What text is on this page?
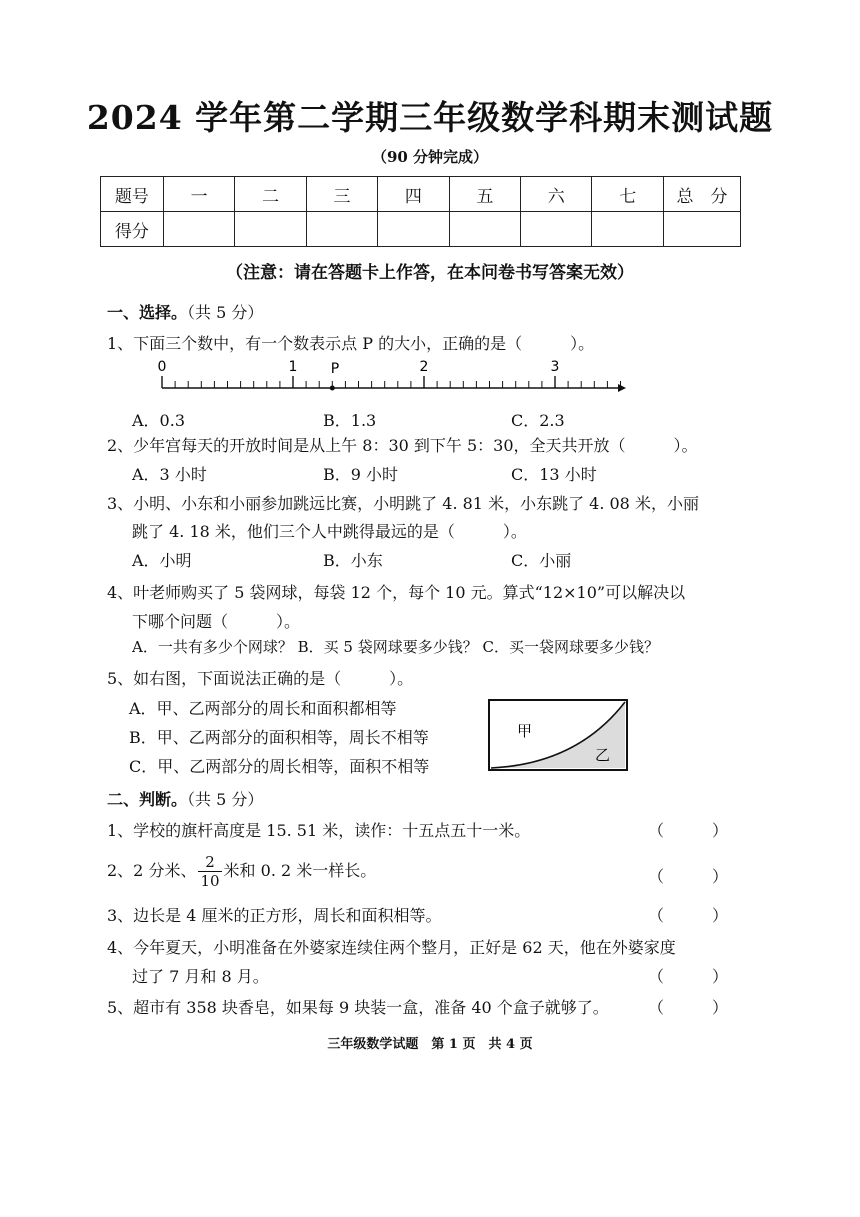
2024 学年第二学期三年级数学科期末测试题
（90 分钟完成）
题号	一	二	三	四	五	六	七	总　分
得分								
（注意：请在答题卡上作答，在本问卷书写答案无效）
一、选择。（共 5 分）
1、下面三个数中，有一个数表示点 P 的大小，正确的是（　　　）。
0	1 P	2	3
A．0.3	B．1.3	C．2.3
2、少年宫每天的开放时间是从上午 8：30 到下午 5：30，全天共开放（　　　）。
A．3 小时	B．9 小时	C．13 小时
3、小明、小东和小丽参加跳远比赛，小明跳了 4. 81 米，小东跳了 4. 08 米，小丽
跳了 4. 18 米，他们三个人中跳得最远的是（　　　）。
A．小明	B．小东	C．小丽
4、叶老师购买了 5 袋网球，每袋 12 个，每个 10 元。算式“12×10”可以解决以
下哪个问题（　　　）。
A．一共有多少个网球？ B．买 5 袋网球要多少钱？ C．买一袋网球要多少钱？
5、如右图，下面说法正确的是（　　　）。
A．甲、乙两部分的周长和面积都相等
B．甲、乙两部分的面积相等，周长不相等
C．甲、乙两部分的周长相等，面积不相等
甲
乙
二、判断。（共 5 分）
1、学校的旗杆高度是 15. 51 米，读作：十五点五十一米。	（　　　）
2、2 分米、 $\frac{2}{10}$ 米和 0. 2 米一样长。	（　　　）
3、边长是 4 厘米的正方形，周长和面积相等。	（　　　）
4、今年夏天，小明准备在外婆家连续住两个整月，正好是 62 天，他在外婆家度
过了 7 月和 8 月。	（　　　）
5、超市有 358 块香皂，如果每 9 块装一盒，准备 40 个盒子就够了。 （　　　）
三年级数学试题　第 1 页　共 4 页
